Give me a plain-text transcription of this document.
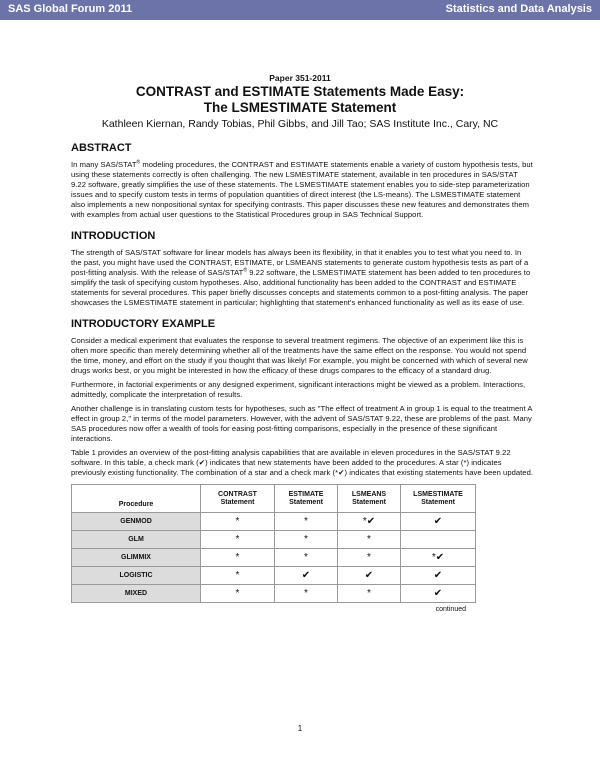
SAS Global Forum 2011	Statistics and Data Analysis
Paper 351-2011
CONTRAST and ESTIMATE Statements Made Easy:
The LSMESTIMATE Statement
Kathleen Kiernan, Randy Tobias, Phil Gibbs, and Jill Tao; SAS Institute Inc., Cary, NC
ABSTRACT

In many SAS/STAT® modeling procedures, the CONTRAST and ESTIMATE statements enable a variety of custom hypothesis tests, but using these statements correctly is often challenging. The new LSMESTIMATE statement, available in ten procedures in SAS/STAT 9.22 software, greatly simplifies the use of these statements. The LSMESTIMATE statement enables you to side-step parameterization issues and to specify custom tests in terms of population quantities of direct interest (the LS-means). The LSMESTIMATE statement also implements a new nonpositional syntax for specifying contrasts. This paper discusses these new features and demonstrates them with examples from actual user questions to the Statistical Procedures group in SAS Technical Support.

INTRODUCTION

The strength of SAS/STAT software for linear models has always been its flexibility, in that it enables you to test what you need to. In the past, you might have used the CONTRAST, ESTIMATE, or LSMEANS statements to generate custom hypothesis tests as part of a post-fitting analysis. With the release of SAS/STAT® 9.22 software, the LSMESTIMATE statement has been added to ten procedures to simplify the task of specifying custom hypotheses. Also, additional functionality has been added to the CONTRAST and ESTIMATE statements for several procedures. This paper briefly discusses concepts and statements common to a post-fitting analysis. The paper showcases the LSMESTIMATE statement in particular; highlighting that statement's enhanced functionality as well as its ease of use.

INTRODUCTORY EXAMPLE

Consider a medical experiment that evaluates the response to several treatment regimens. The objective of an experiment like this is often more specific than merely determining whether all of the treatments have the same effect on the response. You would not spend the time, money, and effort on the study if you thought that was likely! For example, you might be concerned with which of several new drugs works best, or you might be interested in how the efficacy of these drugs compares to the efficacy of a standard drug.

Furthermore, in factorial experiments or any designed experiment, significant interactions might be viewed as a problem. Interactions, admittedly, complicate the interpretation of results.

Another challenge is in translating custom tests for hypotheses, such as "The effect of treatment A in group 1 is equal to the treatment A effect in group 2," in terms of the model parameters. However, with the advent of SAS/STAT 9.22, these are problems of the past. Many SAS procedures now offer a wealth of tools for easing post-fitting comparisons, especially in the presence of these significant interactions.

Table 1 provides an overview of the post-fitting analysis capabilities that are available in eleven procedures in the SAS/STAT 9.22 software. In this table, a check mark (✔) indicates that new statements have been added to the procedures. A star (*) indicates previously existing functionality. The combination of a star and a check mark (*✔) indicates that existing statements have been updated.

Procedure	CONTRAST Statement	ESTIMATE Statement	LSMEANS Statement	LSMESTIMATE Statement
GENMOD	*	*	*✔	✔
GLM	*	*	*	
GLIMMIX	*	*	*	*✔
LOGISTIC	*	✔	✔	✔
MIXED	*	*	*	✔
continued
1
